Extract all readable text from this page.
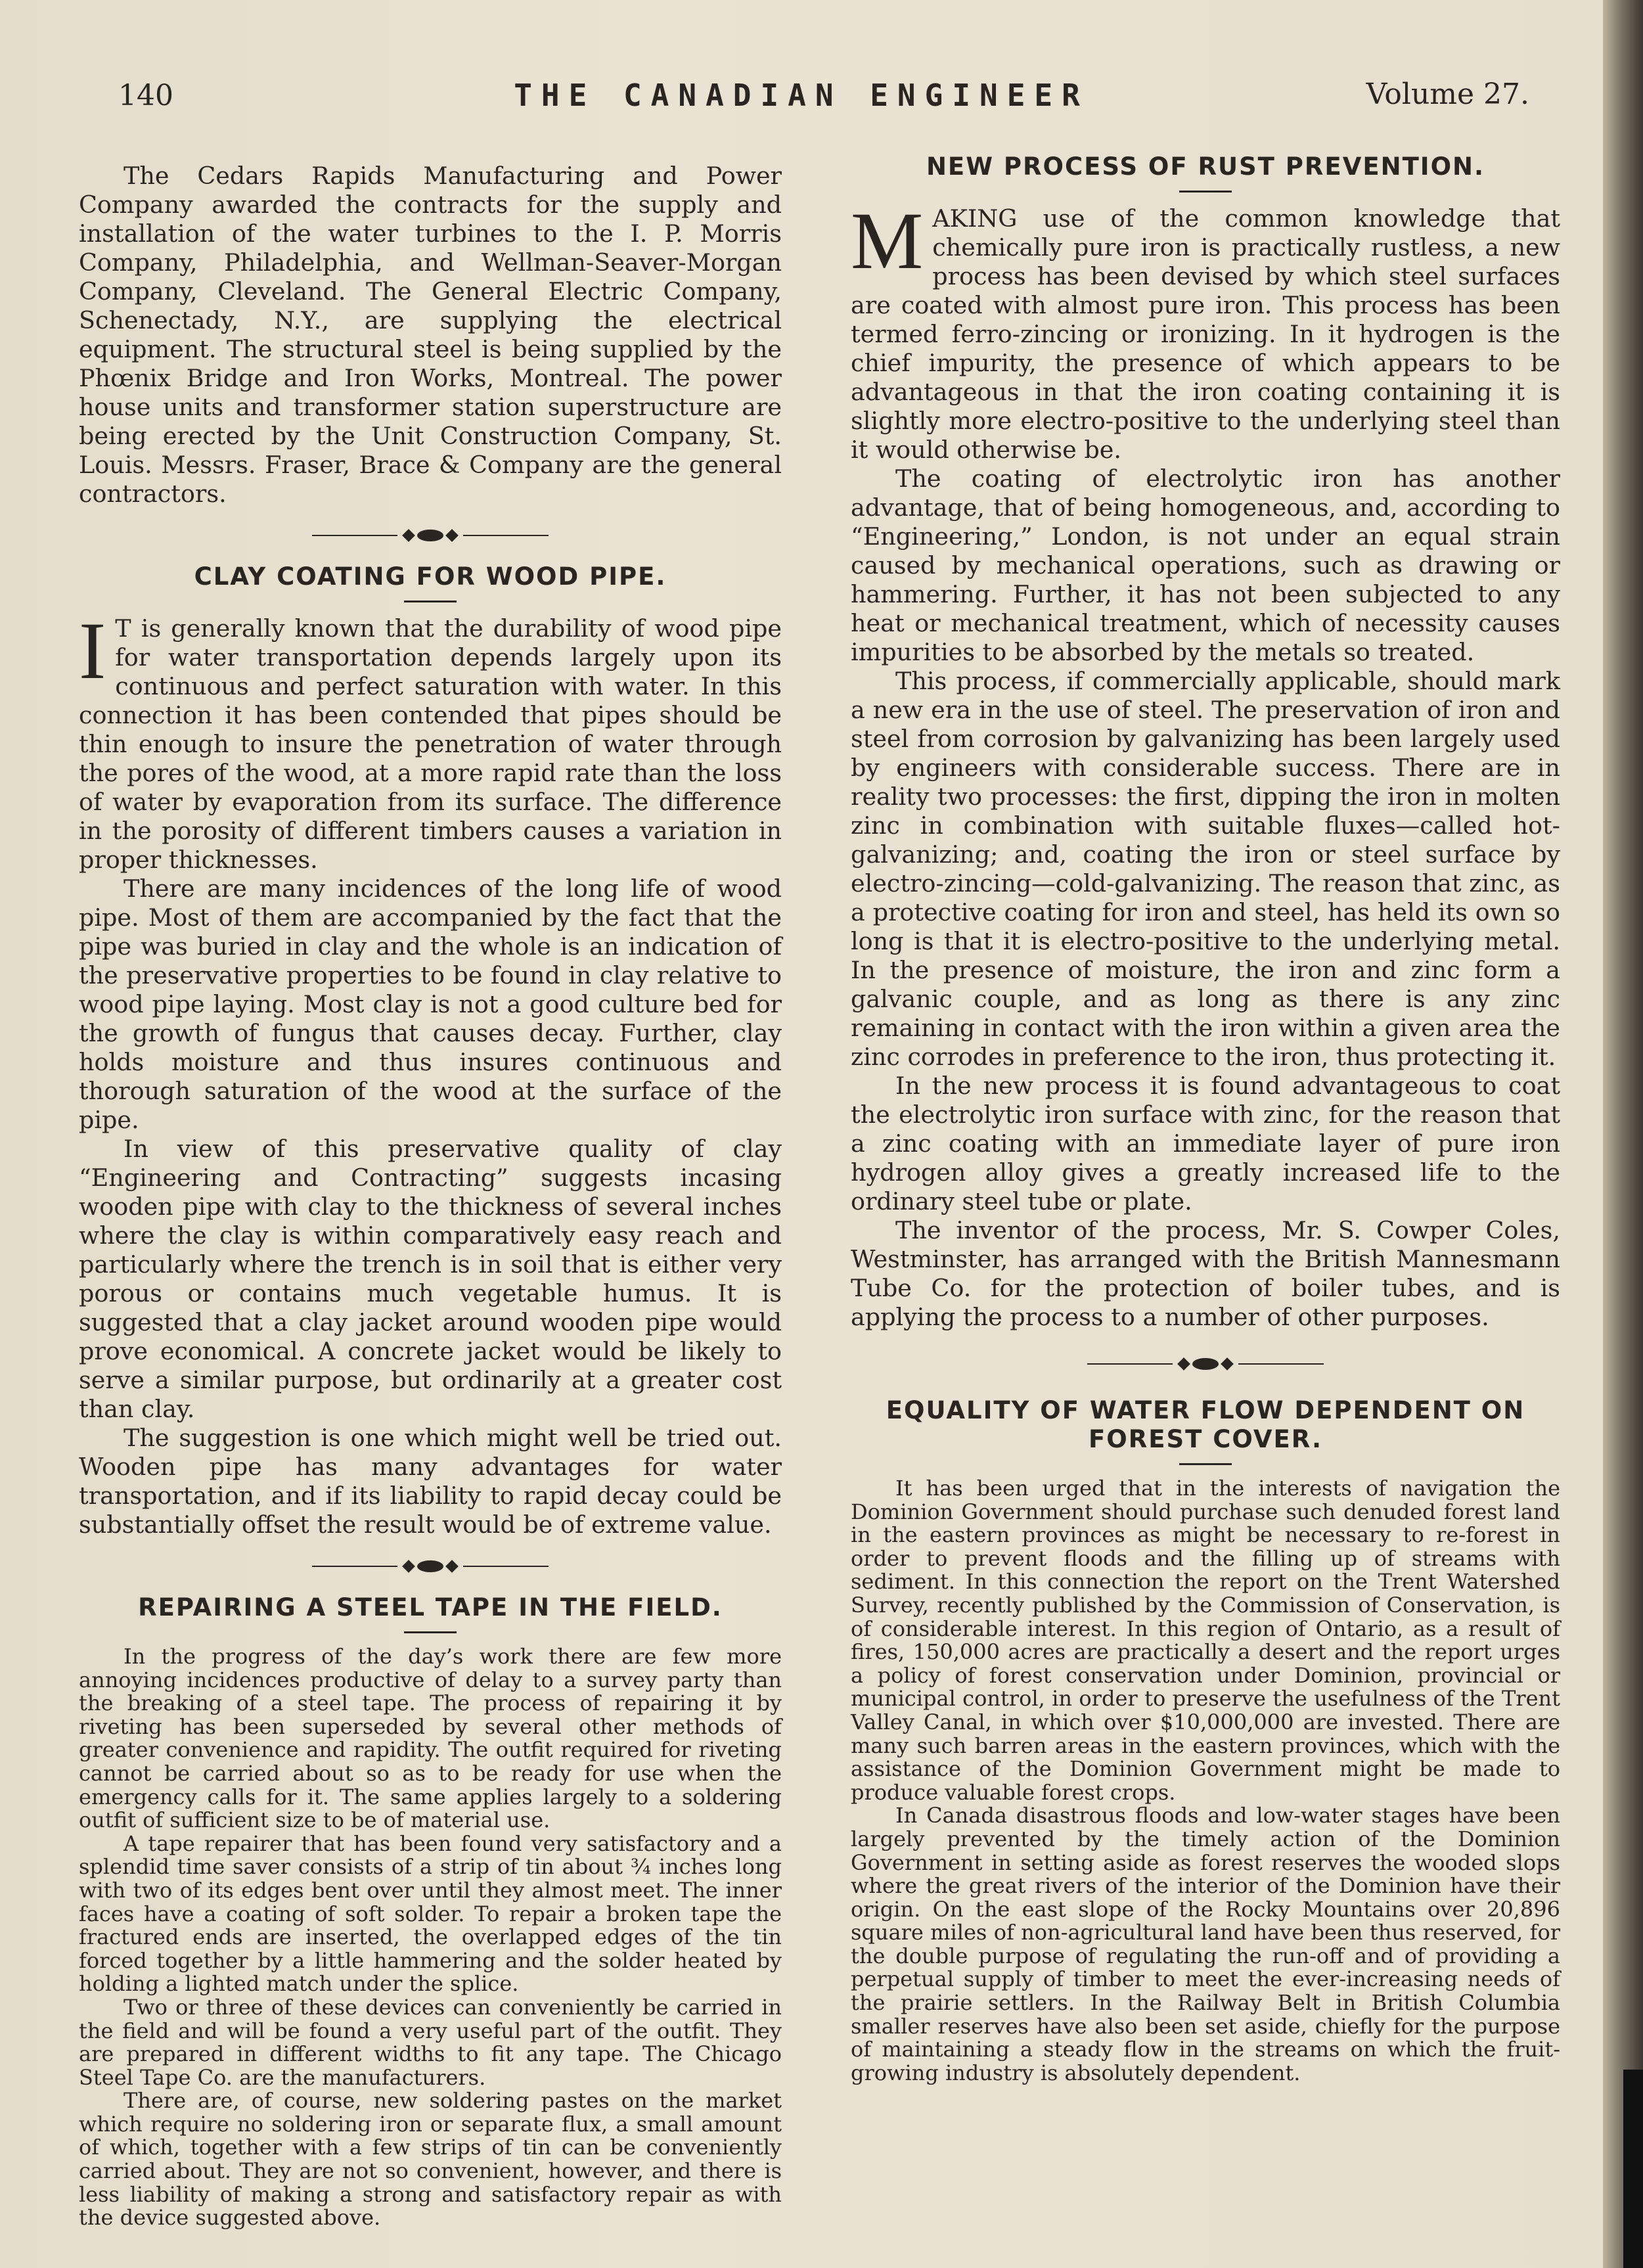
140	THE CANADIAN ENGINEER	Volume 27.

The Cedars Rapids Manufacturing and Power Company awarded the contracts for the supply and installation of the water turbines to the I. P. Morris Company, Philadelphia, and Wellman-Seaver-Morgan Company, Cleveland. The General Electric Company, Schenectady, N.Y., are supplying the electrical equipment. The structural steel is being supplied by the Phœnix Bridge and Iron Works, Montreal. The power house units and transformer station superstructure are being erected by the Unit Construction Company, St. Louis. Messrs. Fraser, Brace & Company are the general contractors.

CLAY COATING FOR WOOD PIPE.

I T is generally known that the durability of wood pipe for water transportation depends largely upon its continuous and perfect saturation with water. In this connection it has been contended that pipes should be thin enough to insure the penetration of water through the pores of the wood, at a more rapid rate than the loss of water by evaporation from its surface. The difference in the porosity of different timbers causes a variation in proper thicknesses.

There are many incidences of the long life of wood pipe. Most of them are accompanied by the fact that the pipe was buried in clay and the whole is an indication of the preservative properties to be found in clay relative to wood pipe laying. Most clay is not a good culture bed for the growth of fungus that causes decay. Further, clay holds moisture and thus insures continuous and thorough saturation of the wood at the surface of the pipe.

In view of this preservative quality of clay “Engineering and Contracting” suggests incasing wooden pipe with clay to the thickness of several inches where the clay is within comparatively easy reach and particularly where the trench is in soil that is either very porous or contains much vegetable humus. It is suggested that a clay jacket around wooden pipe would prove economical. A concrete jacket would be likely to serve a similar purpose, but ordinarily at a greater cost than clay.

The suggestion is one which might well be tried out. Wooden pipe has many advantages for water transportation, and if its liability to rapid decay could be substantially offset the result would be of extreme value.

REPAIRING A STEEL TAPE IN THE FIELD.

In the progress of the day’s work there are few more annoying incidences productive of delay to a survey party than the breaking of a steel tape. The process of repairing it by riveting has been superseded by several other methods of greater convenience and rapidity. The outfit required for riveting cannot be carried about so as to be ready for use when the emergency calls for it. The same applies largely to a soldering outfit of sufficient size to be of material use.

A tape repairer that has been found very satisfactory and a splendid time saver consists of a strip of tin about ¾ inches long with two of its edges bent over until they almost meet. The inner faces have a coating of soft solder. To repair a broken tape the fractured ends are inserted, the overlapped edges of the tin forced together by a little hammering and the solder heated by holding a lighted match under the splice.

Two or three of these devices can conveniently be carried in the field and will be found a very useful part of the outfit. They are prepared in different widths to fit any tape. The Chicago Steel Tape Co. are the manufacturers.

There are, of course, new soldering pastes on the market which require no soldering iron or separate flux, a small amount of which, together with a few strips of tin can be conveniently carried about. They are not so convenient, however, and there is less liability of making a strong and satisfactory repair as with the device suggested above.

NEW PROCESS OF RUST PREVENTION.

MAKING use of the common knowledge that chemically pure iron is practically rustless, a new process has been devised by which steel surfaces are coated with almost pure iron. This process has been termed ferro-zincing or ironizing. In it hydrogen is the chief impurity, the presence of which appears to be advantageous in that the iron coating containing it is slightly more electro-positive to the underlying steel than it would otherwise be.

The coating of electrolytic iron has another advantage, that of being homogeneous, and, according to “Engineering,” London, is not under an equal strain caused by mechanical operations, such as drawing or hammering. Further, it has not been subjected to any heat or mechanical treatment, which of necessity causes impurities to be absorbed by the metals so treated.

This process, if commercially applicable, should mark a new era in the use of steel. The preservation of iron and steel from corrosion by galvanizing has been largely used by engineers with considerable success. There are in reality two processes: the first, dipping the iron in molten zinc in combination with suitable fluxes—called hot-galvanizing; and, coating the iron or steel surface by electro-zincing—cold-galvanizing. The reason that zinc, as a protective coating for iron and steel, has held its own so long is that it is electro-positive to the underlying metal. In the presence of moisture, the iron and zinc form a galvanic couple, and as long as there is any zinc remaining in contact with the iron within a given area the zinc corrodes in preference to the iron, thus protecting it.

In the new process it is found advantageous to coat the electrolytic iron surface with zinc, for the reason that a zinc coating with an immediate layer of pure iron hydrogen alloy gives a greatly increased life to the ordinary steel tube or plate.

The inventor of the process, Mr. S. Cowper Coles, Westminster, has arranged with the British Mannesmann Tube Co. for the protection of boiler tubes, and is applying the process to a number of other purposes.

EQUALITY OF WATER FLOW DEPENDENT ON
FOREST COVER.

It has been urged that in the interests of navigation the Dominion Government should purchase such denuded forest land in the eastern provinces as might be necessary to re-forest in order to prevent floods and the filling up of streams with sediment. In this connection the report on the Trent Watershed Survey, recently published by the Commission of Conservation, is of considerable interest. In this region of Ontario, as a result of fires, 150,000 acres are practically a desert and the report urges a policy of forest conservation under Dominion, provincial or municipal control, in order to preserve the usefulness of the Trent Valley Canal, in which over $10,000,000 are invested. There are many such barren areas in the eastern provinces, which with the assistance of the Dominion Government might be made to produce valuable forest crops.

In Canada disastrous floods and low-water stages have been largely prevented by the timely action of the Dominion Government in setting aside as forest reserves the wooded slops where the great rivers of the interior of the Dominion have their origin. On the east slope of the Rocky Mountains over 20,896 square miles of non-agricultural land have been thus reserved, for the double purpose of regulating the run-off and of providing a perpetual supply of timber to meet the ever-increasing needs of the prairie settlers. In the Railway Belt in British Columbia smaller reserves have also been set aside, chiefly for the purpose of maintaining a steady flow in the streams on which the fruit-growing industry is absolutely dependent.
